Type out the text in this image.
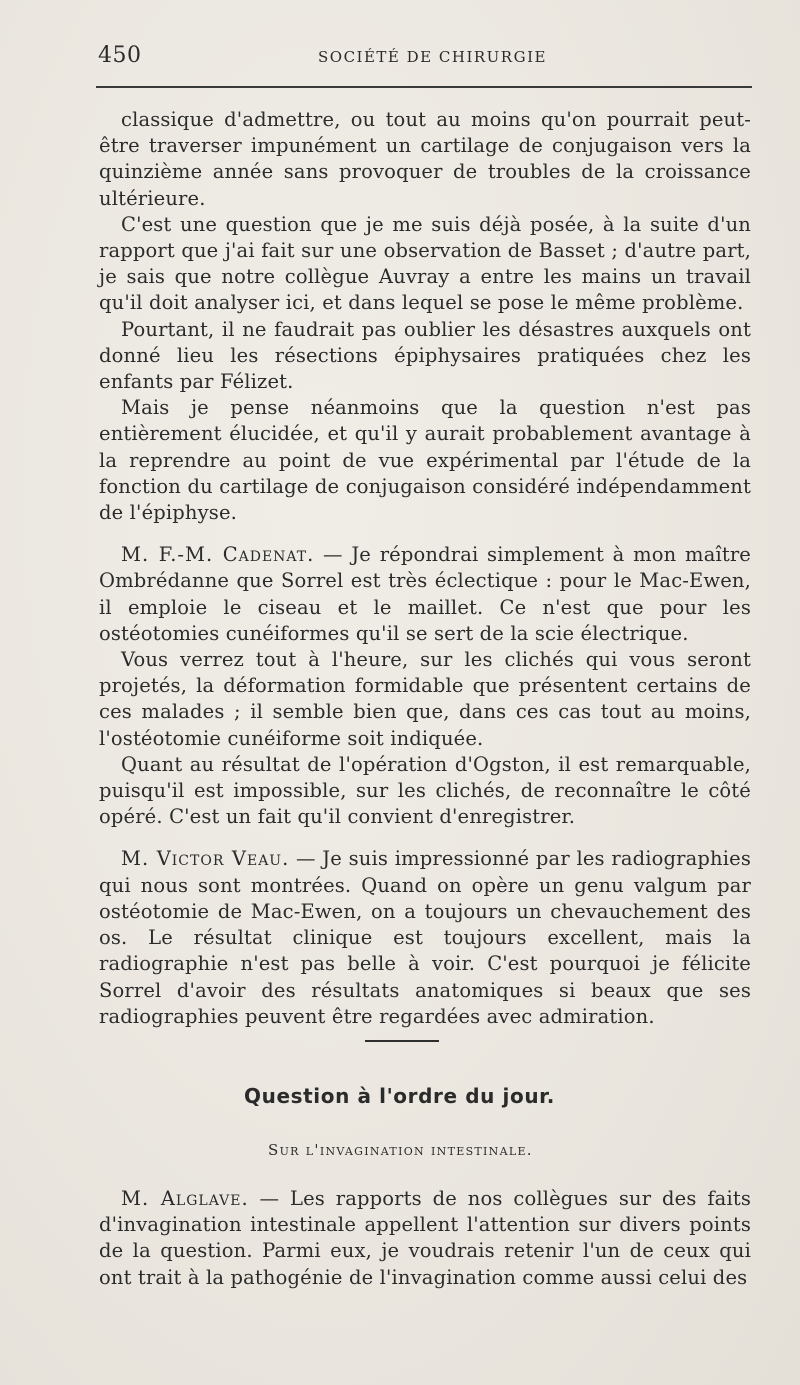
450	SOCIÉTÉ DE CHIRURGIE

classique d'admettre, ou tout au moins qu'on pourrait peut-être traverser impunément un cartilage de conjugaison vers la quinzième année sans provoquer de troubles de la croissance ultérieure.

C'est une question que je me suis déjà posée, à la suite d'un rapport que j'ai fait sur une observation de Basset ; d'autre part, je sais que notre collègue Auvray a entre les mains un travail qu'il doit analyser ici, et dans lequel se pose le même problème.

Pourtant, il ne faudrait pas oublier les désastres auxquels ont donné lieu les résections épiphysaires pratiquées chez les enfants par Félizet.

Mais je pense néanmoins que la question n'est pas entièrement élucidée, et qu'il y aurait probablement avantage à la reprendre au point de vue expérimental par l'étude de la fonction du cartilage de conjugaison considéré indépendamment de l'épiphyse.

M. F.-M. Cadenat. — Je répondrai simplement à mon maître Ombrédanne que Sorrel est très éclectique : pour le Mac-Ewen, il emploie le ciseau et le maillet. Ce n'est que pour les ostéotomies cunéiformes qu'il se sert de la scie électrique.

Vous verrez tout à l'heure, sur les clichés qui vous seront projetés, la déformation formidable que présentent certains de ces malades ; il semble bien que, dans ces cas tout au moins, l'ostéotomie cunéiforme soit indiquée.

Quant au résultat de l'opération d'Ogston, il est remarquable, puisqu'il est impossible, sur les clichés, de reconnaître le côté opéré. C'est un fait qu'il convient d'enregistrer.

M. Victor Veau. — Je suis impressionné par les radiographies qui nous sont montrées. Quand on opère un genu valgum par ostéotomie de Mac-Ewen, on a toujours un chevauchement des os. Le résultat clinique est toujours excellent, mais la radiographie n'est pas belle à voir. C'est pourquoi je félicite Sorrel d'avoir des résultats anatomiques si beaux que ses radiographies peuvent être regardées avec admiration.

Question à l'ordre du jour.
Sur l'invagination intestinale.

M. Alglave. — Les rapports de nos collègues sur des faits d'invagination intestinale appellent l'attention sur divers points de la question. Parmi eux, je voudrais retenir l'un de ceux qui ont trait à la pathogénie de l'invagination comme aussi celui des
